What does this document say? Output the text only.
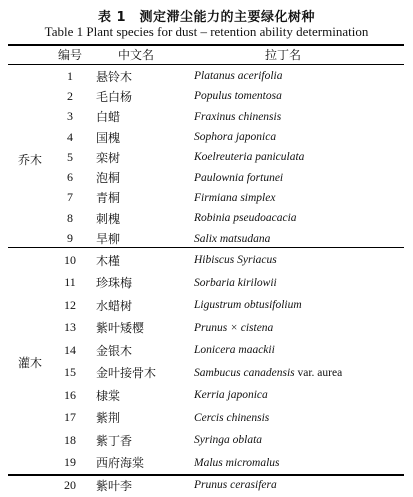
表 1　测定滞尘能力的主要绿化树种
Table 1 Plant species for dust – retention ability determination
编号	中文名	拉丁名
乔木
1	悬铃木	Platanus acerifolia
2	毛白杨	Populus tomentosa
3	白蜡	Fraxinus chinensis
4	国槐	Sophora japonica
5	栾树	Koelreuteria paniculata
6	泡桐	Paulownia fortunei
7	青桐	Firmiana simplex
8	刺槐	Robinia pseudoacacia
9	旱柳	Salix matsudana
灌木
10	木槿	Hibiscus Syriacus
11	珍珠梅	Sorbaria kirilowii
12	水蜡树	Ligustrum obtusifolium
13	紫叶矮樱	Prunus × cistena
14	金银木	Lonicera maackii
15	金叶接骨木	Sambucus canadensis var. aurea
16	棣棠	Kerria japonica
17	紫荆	Cercis chinensis
18	紫丁香	Syringa oblata
19	西府海棠	Malus micromalus
20	紫叶李	Prunus cerasifera
